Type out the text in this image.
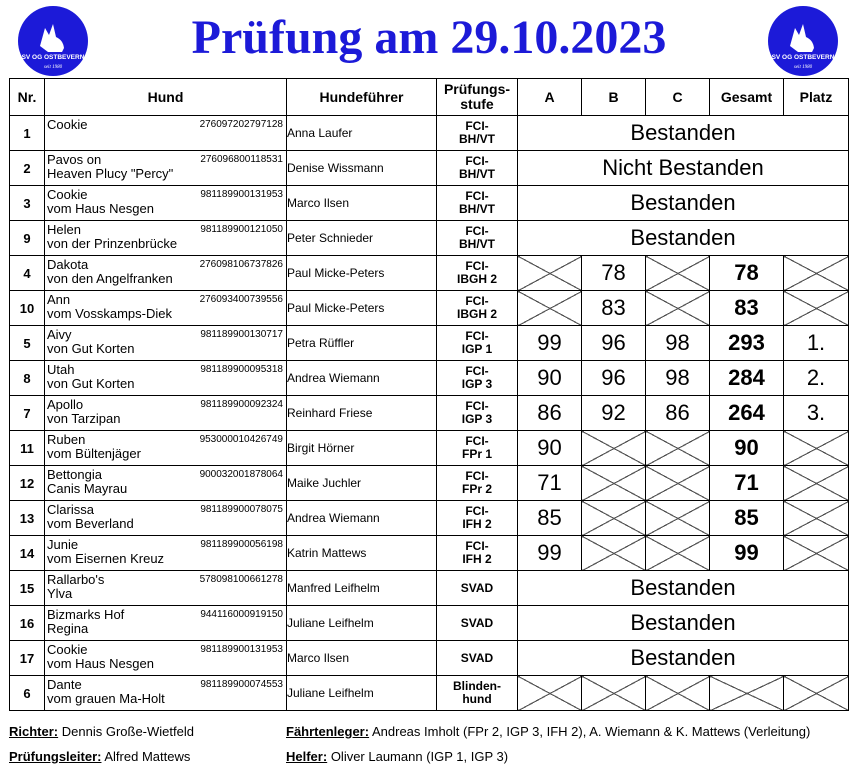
SV OG OSTBEVERN
seit 1980
SV OG OSTBEVERN
seit 1980
Prüfung am 29.10.2023
Nr.	Hund	Hundeführer	Prüfungs-
stufe	A	B	C	Gesamt	Platz
1	Cookie 276097202797128	Anna Laufer	FCI-
BH/VT	Bestanden				
2	Pavos on
Heaven Plucy "Percy"
276096800118531	Denise Wissmann	FCI-
BH/VT	Nicht Bestanden				
3	Cookie
vom Haus Nesgen
981189900131953	Marco Ilsen	FCI-
BH/VT	Bestanden				
9	Helen
von der Prinzenbrücke
981189900121050	Peter Schnieder	FCI-
BH/VT	Bestanden				
4	Dakota
von den Angelfranken
276098106737826	Paul Micke-Peters	FCI-
IBGH 2		78		78	
10	Ann
vom Vosskamps-Diek
276093400739556	Paul Micke-Peters	FCI-
IBGH 2		83		83	
5	Aivy
von Gut Korten
981189900130717	Petra Rüffler	FCI-
IGP 1	99	96	98	293	1.
8	Utah
von Gut Korten
981189900095318	Andrea Wiemann	FCI-
IGP 3	90	96	98	284	2.
7	Apollo
von Tarzipan
981189900092324	Reinhard Friese	FCI-
IGP 3	86	92	86	264	3.
11	Ruben
vom Bültenjäger
953000010426749	Birgit Hörner	FCI-
FPr 1	90			90	
12	Bettongia
Canis Mayrau
900032001878064	Maike Juchler	FCI-
FPr 2	71			71	
13	Clarissa
vom Beverland
981189900078075	Andrea Wiemann	FCI-
IFH 2	85			85	
14	Junie
vom Eisernen Kreuz
981189900056198	Katrin Mattews	FCI-
IFH 2	99			99	
15	Rallarbo's
Ylva
578098100661278	Manfred Leifhelm	SVAD	Bestanden				
16	Bizmarks Hof
Regina
944116000919150	Juliane Leifhelm	SVAD	Bestanden				
17	Cookie
vom Haus Nesgen
981189900131953	Marco Ilsen	SVAD	Bestanden				
6	Dante
vom grauen Ma-Holt
981189900074553	Juliane Leifhelm	Blinden-
hund					
Richter: Dennis Große-Wietfeld	Fährtenleger: Andreas Imholt (FPr 2, IGP 3, IFH 2), A. Wiemann & K. Mattews (Verleitung)
Prüfungsleiter: Alfred Mattews	Helfer: Oliver Laumann (IGP 1, IGP 3)
